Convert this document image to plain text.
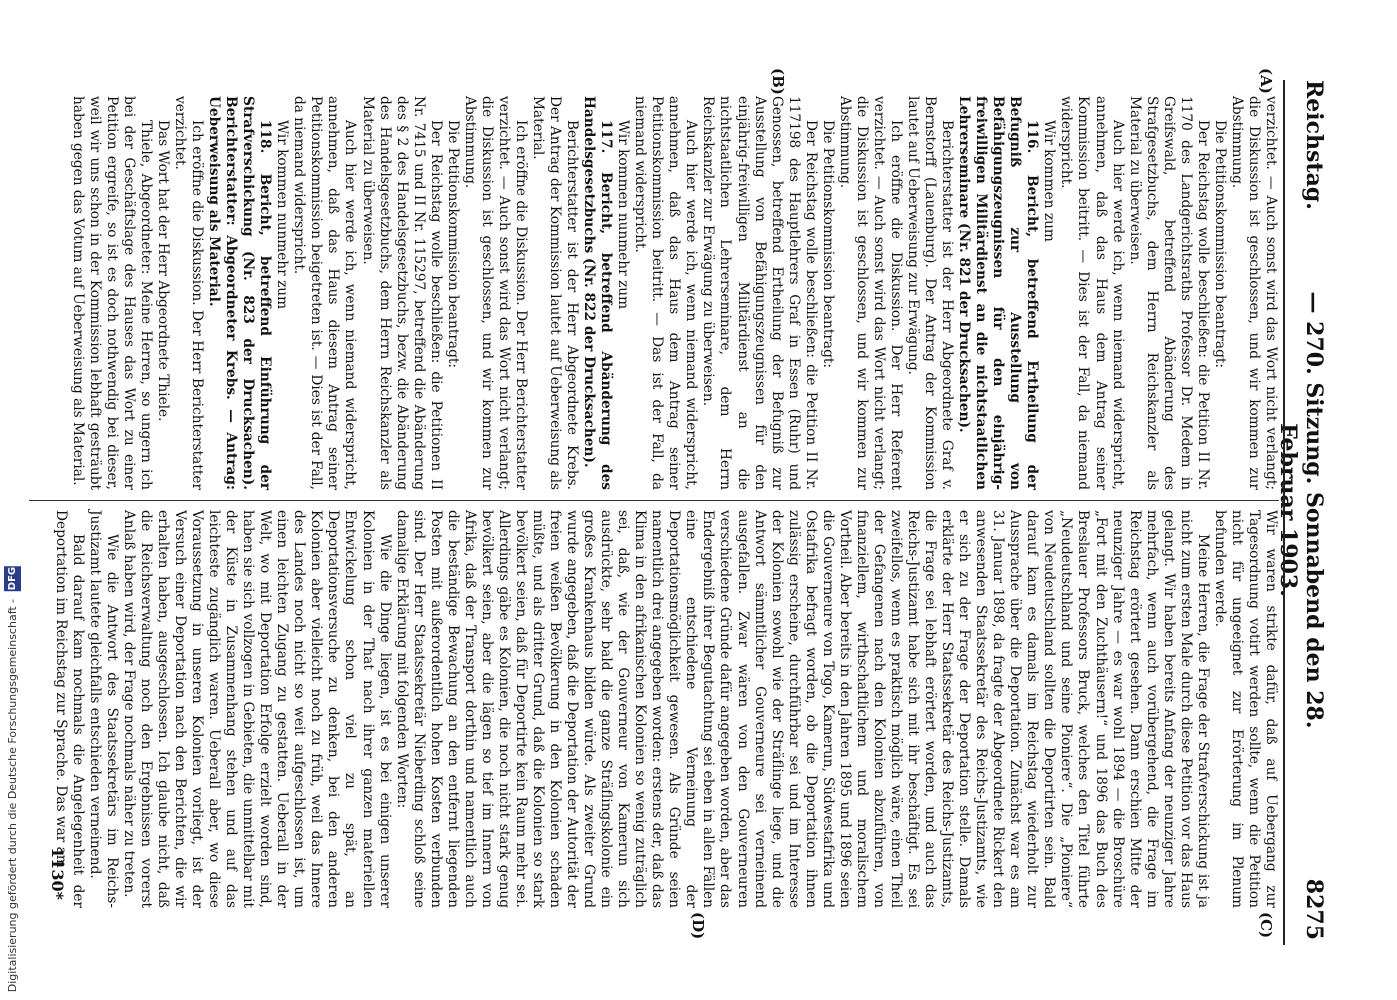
Reichstag.
— 270. Sitzung. Sonnabend den 28. Februar 1903.
8275
(A)
(B)
(C)
(D)

verzichtet. — Auch sonst wird das Wort nicht verlangt; die Diskussion ist geschlossen, und wir kommen zur Abstimmung.

Die Petitionskommission beantragt:

Der Reichstag wolle beschließen: die Petition II Nr. 1170 des Landgerichtsraths Professor Dr. Medem in Greifswald, betreffend Abänderung des Strafgesetzbuchs, dem Herrn Reichskanzler als Material zu überweisen.

Auch hier werde ich, wenn niemand widerspricht, annehmen, daß das Haus dem Antrag seiner Kommission beitritt. — Dies ist der Fall, da niemand widerspricht.

Wir kommen zum

116. Bericht, betreffend Ertheilung der Befugniß zur Ausstellung von Befähigungszeugnissen für den einjährig-freiwilligen Militärdienst an die nichtstaatlichen Lehrerseminare (Nr. 821 der Drucksachen).

Berichterstatter ist der Herr Abgeordnete Graf v. Bernstorff (Lauenburg). Der Antrag der Kommission lautet auf Ueberweisung zur Erwägung.

Ich eröffne die Diskussion. Der Herr Referent verzichtet. — Auch sonst wird das Wort nicht verlangt; die Diskussion ist geschlossen, und wir kommen zur Abstimmung.

Die Petitionskommission beantragt:

Der Reichstag wolle beschließen: die Petition II Nr. 117198 des Hauptlehrers Graf in Essen (Ruhr) und Genossen, betreffend Ertheilung der Befugniß zur Ausstellung von Befähigungszeugnissen für den einjährig-freiwilligen Militärdienst an die nichtstaatlichen Lehrerseminare, dem Herrn Reichskanzler zur Erwägung zu überweisen.

Auch hier werde ich, wenn niemand widerspricht, annehmen, daß das Haus dem Antrag seiner Petitionskommission beitritt. — Das ist der Fall, da niemand widerspricht.

Wir kommen nunmehr zum

117. Bericht, betreffend Abänderung des Handelsgesetzbuchs (Nr. 822 der Drucksachen).

Berichterstatter ist der Herr Abgeordnete Krebs. Der Antrag der Kommission lautet auf Ueberweisung als Material.

Ich eröffne die Diskussion. Der Herr Berichterstatter verzichtet. — Auch sonst wird das Wort nicht verlangt; die Diskussion ist geschlossen, und wir kommen zur Abstimmung.

Die Petitionskommission beantragt:

Der Reichstag wolle beschließen: die Petitionen II Nr. 7415 und II Nr. 115297, betreffend die Abänderung des § 2 des Handelsgesetzbuchs, bezw. die Abänderung des Handelsgesetzbuchs, dem Herrn Reichskanzler als Material zu überweisen.

Auch hier werde ich, wenn niemand widerspricht, annehmen, daß das Haus diesem Antrag seiner Petitionskommission beigetreten ist. — Dies ist der Fall, da niemand widerspricht.

Wir kommen nunmehr zum

118. Bericht, betreffend Einführung der Strafverschickung (Nr. 823 der Drucksachen). Berichterstatter: Abgeordneter Krebs. — Antrag: Ueberweisung als Material.

Ich eröffne die Diskussion. Der Herr Berichterstatter verzichtet.

Das Wort hat der Herr Abgeordnete Thiele.

Thiele, Abgeordneter: Meine Herren, so ungern ich bei der Geschäftslage des Hauses das Wort zu einer Petition ergreife, so ist es doch nothwendig bei dieser, weil wir uns schon in der Kommission lebhaft gesträubt haben gegen das Votum auf Ueberweisung als Material.

Wir waren strikte dafür, daß auf Uebergang zur Tagesordnung votirt werden sollte, wenn die Petition nicht für ungeeignet zur Erörterung im Plenum befunden werde.

Meine Herren, die Frage der Strafverschickung ist ja nicht zum ersten Male durch diese Petition vor das Haus gelangt. Wir haben bereits Anfang der neunziger Jahre mehrfach, wenn auch vorübergehend, die Frage im Reichstag erörtert gesehen. Dann erschien Mitte der neunziger Jahre — es war wohl 1894 — die Broschüre „Fort mit den Zuchthäusern!“ und 1896 das Buch des Breslauer Professors Bruck, welches den Titel führte „Neudeutschland und seine Pioniere“. Die „Pioniere“ von Neudeutschland sollten die Deportirten sein. Bald darauf kam es damals im Reichstag wiederholt zur Aussprache über die Deportation. Zunächst war es am 31. Januar 1898, da fragte der Abgeordnete Rickert den anwesenden Staatssekretär des Reichs-Justizamts, wie er sich zu der Frage der Deportation stelle. Damals erklärte der Herr Staatssekretär des Reichs-Justizamts, die Frage sei lebhaft erörtert worden, und auch das Reichs-Justizamt habe sich mit ihr beschäftigt. Es sei zweifellos, wenn es praktisch möglich wäre, einen Theil der Gefangenen nach den Kolonien abzuführen, von finanziellem, wirthschaftlichem und moralischem Vortheil. Aber bereits in den Jahren 1895 und 1896 seien die Gouverneure von Togo, Kamerun, Südwestafrika und Ostafrika befragt worden, ob die Deportation ihnen zulässig erscheine, durchführbar sei und im Interesse der Kolonien sowohl wie der Sträflinge liege, und die Antwort sämmtlicher Gouverneure sei verneinend ausgefallen. Zwar wären von den Gouverneuren verschiedene Gründe dafür angegeben worden, aber das Endergebniß ihrer Begutachtung sei eben in allen Fällen eine entschiedene Verneinung der Deportationsmöglichkeit gewesen. Als Gründe seien namentlich drei angegeben worden: erstens der, daß das Klima in den afrikanischen Kolonien so wenig zuträglich sei, daß, wie der Gouverneur von Kamerun sich ausdrückte, sehr bald die ganze Sträflingskolonie ein großes Krankenhaus bilden würde. Als zweiter Grund wurde angegeben, daß die Deportation der Autorität der freien weißen Bevölkerung in den Kolonien schaden müßte, und als dritter Grund, daß die Kolonien so stark bevölkert seien, daß für Deportirte kein Raum mehr sei. Allerdings gäbe es Kolonien, die noch nicht stark genug bevölkert seien, aber die lägen so tief im Innern von Afrika, daß der Transport dorthin und namentlich auch die beständige Bewachung an den entfernt liegenden Posten mit außerordentlich hohen Kosten verbunden sind. Der Herr Staatssekretär Nieberding schloß seine damalige Erklärung mit folgenden Worten:

Wie die Dinge liegen, ist es bei einigen unserer Kolonien in der That nach ihrer ganzen materiellen Entwickelung schon viel zu spät, an Deportationsversuche zu denken, bei den anderen Kolonien aber vielleicht noch zu früh, weil das Innere des Landes noch nicht so weit aufgeschlossen ist, um einen leichten Zugang zu gestatten. Ueberall in der Welt, wo mit Deportation Erfolge erzielt worden sind, haben sie sich vollzogen in Gebieten, die unmittelbar mit der Küste in Zusammenhang stehen und auf das leichteste zugänglich waren. Ueberall aber, wo diese Voraussetzung in unseren Kolonien vorliegt, ist der Versuch einer Deportation nach den Berichten, die wir erhalten haben, ausgeschlossen. Ich glaube nicht, daß die Reichsverwaltung noch den Ergebnissen vorerst Anlaß haben wird, der Frage nochmals näher zu treten.

Wie die Antwort des Staatssekretärs im Reichs-Justizamt lautete gleichfalls entschieden verneinend.

Bald darauf kam nochmals die Angelegenheit der Deportation im Reichstag zur Sprache. Das war am

1130*
Digitalisierung gefördert durch die Deutsche Forschungsgemeinschaft - DFG
